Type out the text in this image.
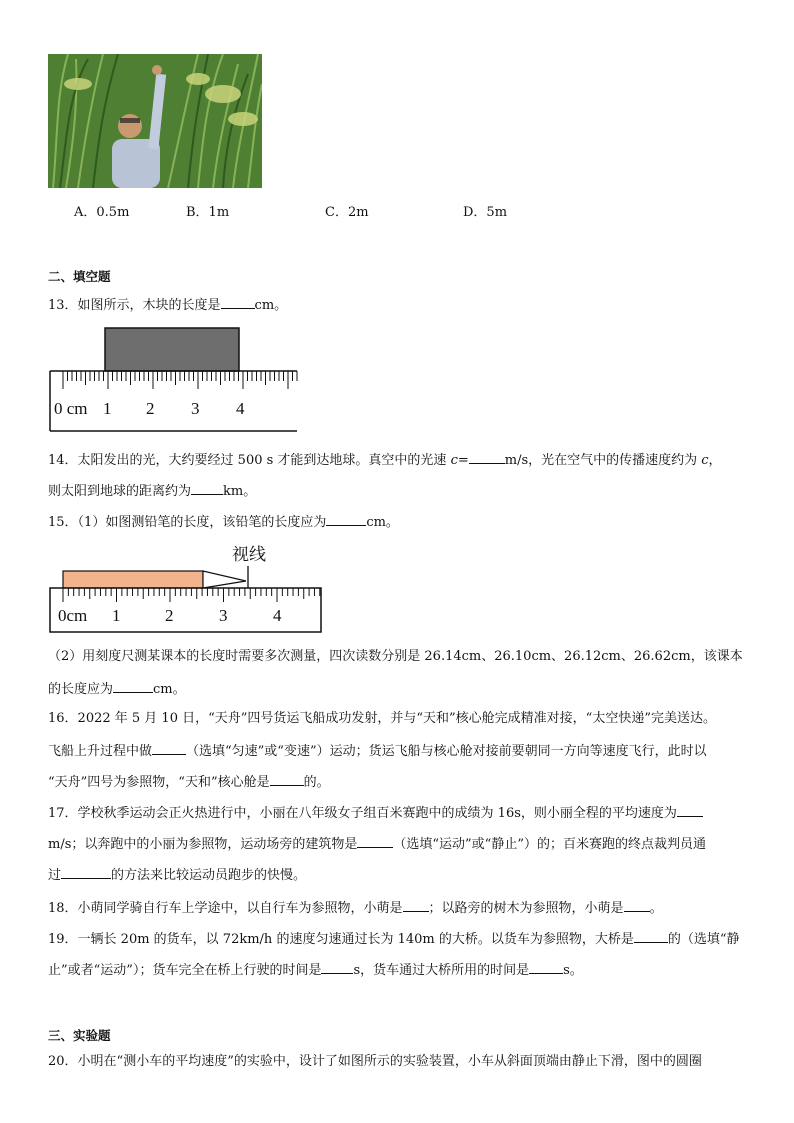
A．0.5m	B．1m	C．2m	D．5m
二、填空题
13．如图所示，木块的长度是	cm。
0 cm 1 2 3 4
14．太阳发出的光，大约要经过 500 s 才能到达地球。真空中的光速 c=	m/s，光在空气中的传播速度约为 c，
则太阳到地球的距离约为 km。
15．（1）如图测铅笔的长度，该铅笔的长度应为	cm。
视线
0cm 1	2	3	4
（2）用刻度尺测某课本的长度时需要多次测量，四次读数分别是 26.14cm、26.10cm、26.12cm、26.62cm，该课本
的长度应为	cm。
16．2022 年 5 月 10 日，“天舟”四号货运飞船成功发射，并与“天和”核心舱完成精准对接，“太空快递”完美送达。
飞船上升过程中做	（选填“匀速”或“变速”）运动；货运飞船与核心舱对接前要朝同一方向等速度飞行，此时以
“天舟”四号为参照物，“天和”核心舱是	的。
17．学校秋季运动会正火热进行中，小丽在八年级女子组百米赛跑中的成绩为 16s，则小丽全程的平均速度为
m/s；以奔跑中的小丽为参照物，运动场旁的建筑物是	（选填“运动”或“静止”）的；百米赛跑的终点裁判员通
过	的方法来比较运动员跑步的快慢。
18．小萌同学骑自行车上学途中，以自行车为参照物，小萌是 ；以路旁的树木为参照物，小萌是 。
19．一辆长 20m 的货车，以 72km/h 的速度匀速通过长为 140m 的大桥。以货车为参照物，大桥是	的（选填“静
止”或者“运动”）；货车完全在桥上行驶的时间是 s，货车通过大桥所用的时间是	s。
三、实验题
20．小明在“测小车的平均速度”的实验中，设计了如图所示的实验装置，小车从斜面顶端由静止下滑，图中的圆圈
